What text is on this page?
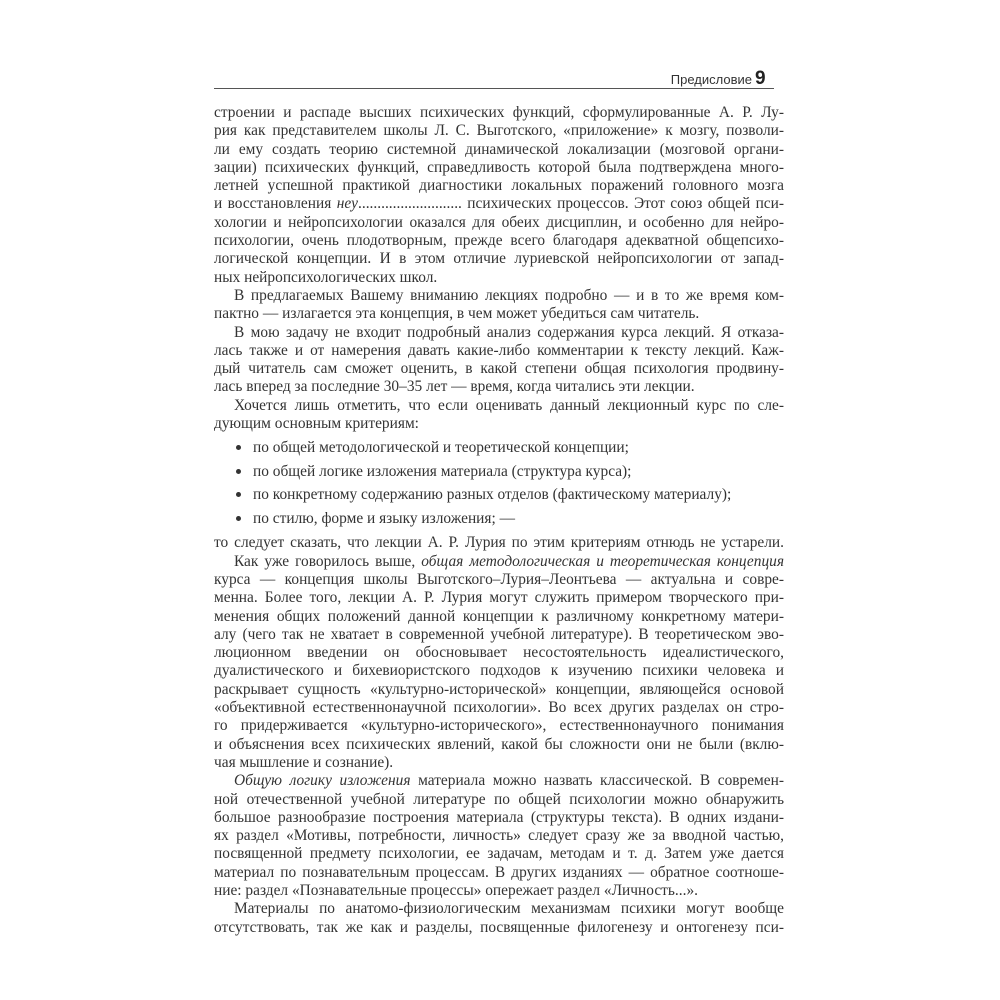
Предисловие 9
строении и распаде высших психических функций, сформулированные А. Р. Лу-
рия как представителем школы Л. С. Выготского, «приложение» к мозгу, позволи-
ли ему создать теорию системной динамической локализации (мозговой органи-
зации) психических функций, справедливость которой была подтверждена много-
летней успешной практикой диагностики локальных поражений головного мозга
и восстановления неу........................... психических процессов. Этот союз общей пси-
хологии и нейропсихологии оказался для обеих дисциплин, и особенно для нейро-
психологии, очень плодотворным, прежде всего благодаря адекватной общепсихо-
логической концепции. И в этом отличие луриевской нейропсихологии от запад-
ных нейропсихологических школ.
В предлагаемых Вашему вниманию лекциях подробно — и в то же время ком-
пактно — излагается эта концепция, в чем может убедиться сам читатель.
В мою задачу не входит подробный анализ содержания курса лекций. Я отказа-
лась также и от намерения давать какие-либо комментарии к тексту лекций. Каж-
дый читатель сам сможет оценить, в какой степени общая психология продвину-
лась вперед за последние 30–35 лет — время, когда читались эти лекции.
Хочется лишь отметить, что если оценивать данный лекционный курс по сле-
дующим основным критериям:
по общей методологической и теоретической концепции;
по общей логике изложения материала (структура курса);
по конкретному содержанию разных отделов (фактическому материалу);
по стилю, форме и языку изложения; —
то следует сказать, что лекции А. Р. Лурия по этим критериям отнюдь не устарели.
Как уже говорилось выше, общая методологическая и теоретическая концепция
курса — концепция школы Выготского–Лурия–Леонтьева — актуальна и совре-
менна. Более того, лекции А. Р. Лурия могут служить примером творческого при-
менения общих положений данной концепции к различному конкретному матери-
алу (чего так не хватает в современной учебной литературе). В теоретическом эво-
люционном введении он обосновывает несостоятельность идеалистического,
дуалистического и бихевиористского подходов к изучению психики человека и
раскрывает сущность «культурно-исторической» концепции, являющейся основой
«объективной естественнонаучной психологии». Во всех других разделах он стро-
го придерживается «культурно-исторического», естественнонаучного понимания
и объяснения всех психических явлений, какой бы сложности они не были (вклю-
чая мышление и сознание).
Общую логику изложения материала можно назвать классической. В современ-
ной отечественной учебной литературе по общей психологии можно обнаружить
большое разнообразие построения материала (структуры текста). В одних издани-
ях раздел «Мотивы, потребности, личность» следует сразу же за вводной частью,
посвященной предмету психологии, ее задачам, методам и т. д. Затем уже дается
материал по познавательным процессам. В других изданиях — обратное соотноше-
ние: раздел «Познавательные процессы» опережает раздел «Личность...».
Материалы по анатомо-физиологическим механизмам психики могут вообще
отсутствовать, так же как и разделы, посвященные филогенезу и онтогенезу пси-
